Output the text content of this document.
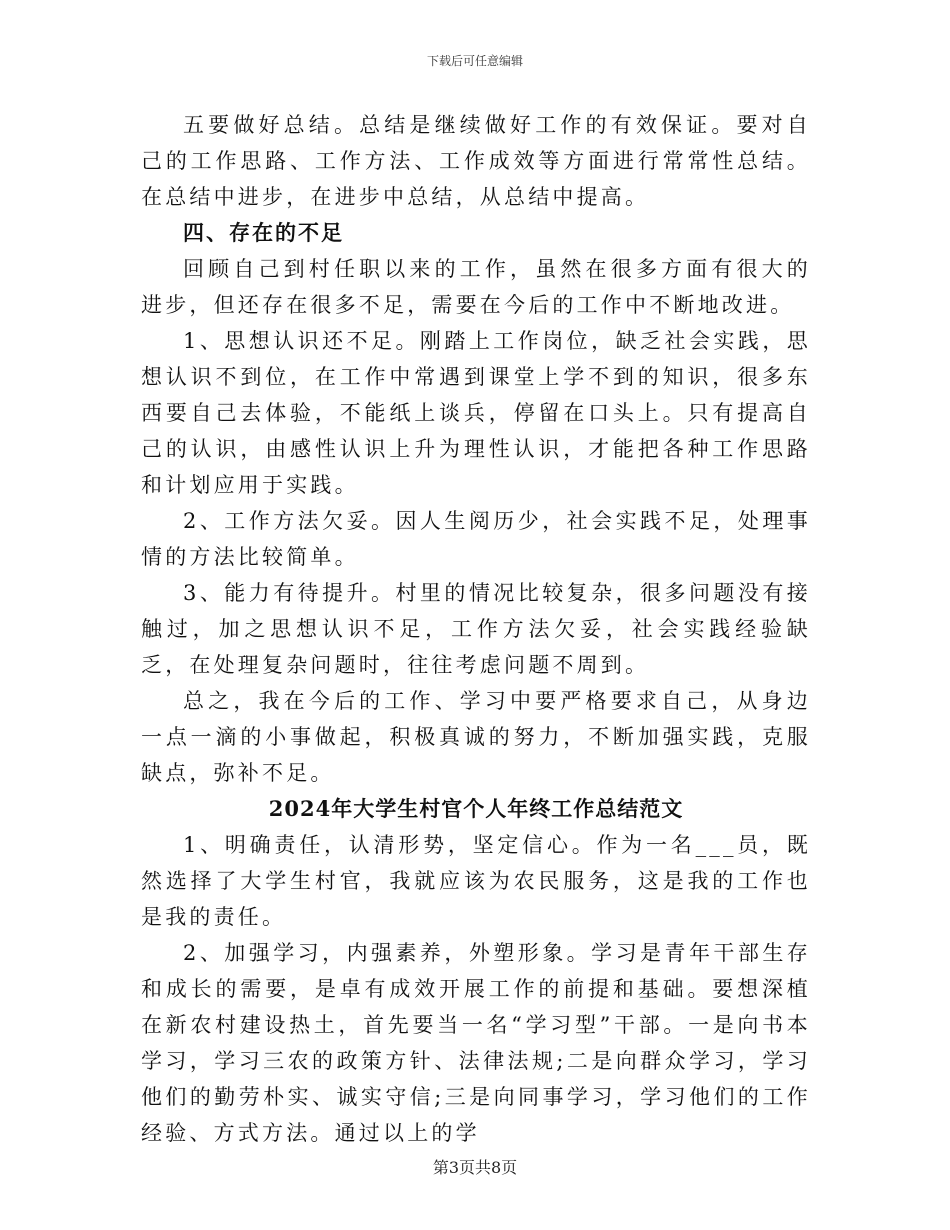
下载后可任意编辑

五要做好总结。总结是继续做好工作的有效保证。要对自己的工作思路、工作方法、工作成效等方面进行常常性总结。在总结中进步，在进步中总结，从总结中提高。

四、存在的不足

回顾自己到村任职以来的工作，虽然在很多方面有很大的进步，但还存在很多不足，需要在今后的工作中不断地改进。

1、思想认识还不足。刚踏上工作岗位，缺乏社会实践，思想认识不到位，在工作中常遇到课堂上学不到的知识，很多东西要自己去体验，不能纸上谈兵，停留在口头上。只有提高自己的认识，由感性认识上升为理性认识，才能把各种工作思路和计划应用于实践。

2、工作方法欠妥。因人生阅历少，社会实践不足，处理事情的方法比较简单。

3、能力有待提升。村里的情况比较复杂，很多问题没有接触过，加之思想认识不足，工作方法欠妥，社会实践经验缺乏，在处理复杂问题时，往往考虑问题不周到。

总之，我在今后的工作、学习中要严格要求自己，从身边一点一滴的小事做起，积极真诚的努力，不断加强实践，克服缺点，弥补不足。

2024年大学生村官个人年终工作总结范文

1、明确责任，认清形势，坚定信心。作为一名___员，既然选择了大学生村官，我就应该为农民服务，这是我的工作也是我的责任。

2、加强学习，内强素养，外塑形象。学习是青年干部生存和成长的需要，是卓有成效开展工作的前提和基础。要想深植在新农村建设热土，首先要当一名“学习型”干部。一是向书本学习，学习三农的政策方针、法律法规;二是向群众学习，学习他们的勤劳朴实、诚实守信;三是向同事学习，学习他们的工作经验、方式方法。通过以上的学

第3页共8页
